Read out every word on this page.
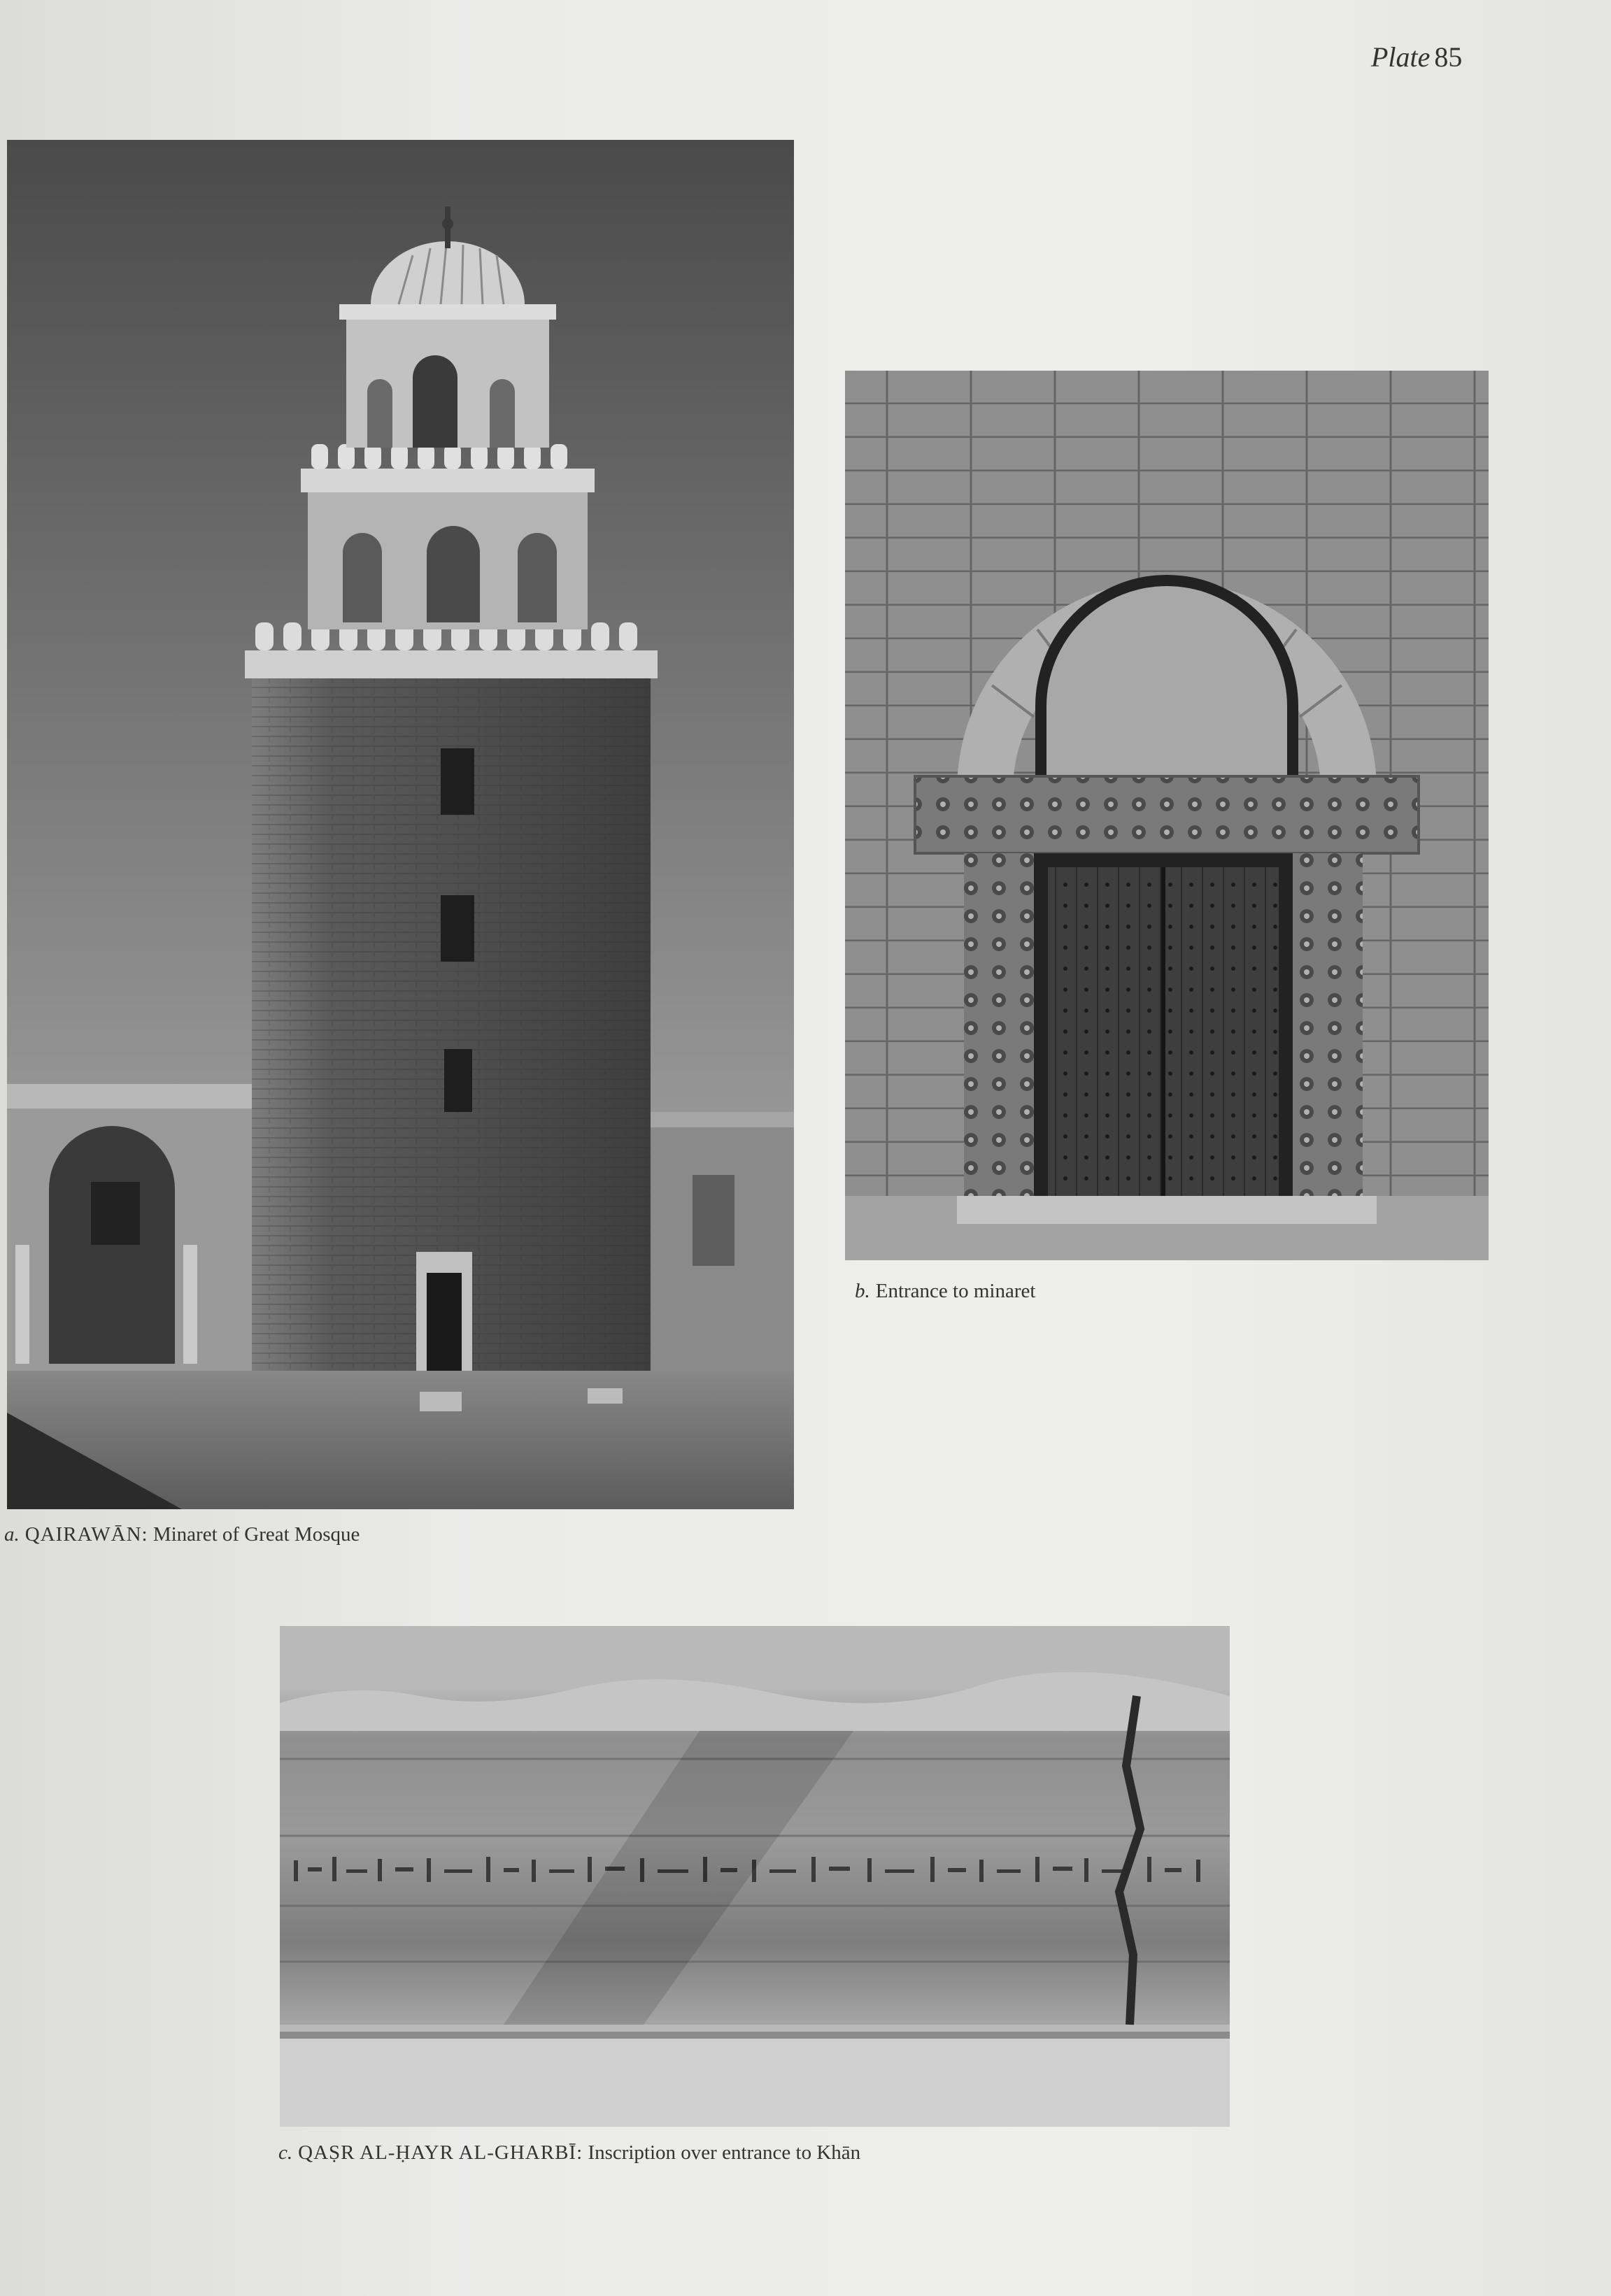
Plate 85
a. QAIRAWĀN: Minaret of Great Mosque
b. Entrance to minaret
c. QAṢR AL-ḤAYR AL-GHARBĪ: Inscription over entrance to Khān
